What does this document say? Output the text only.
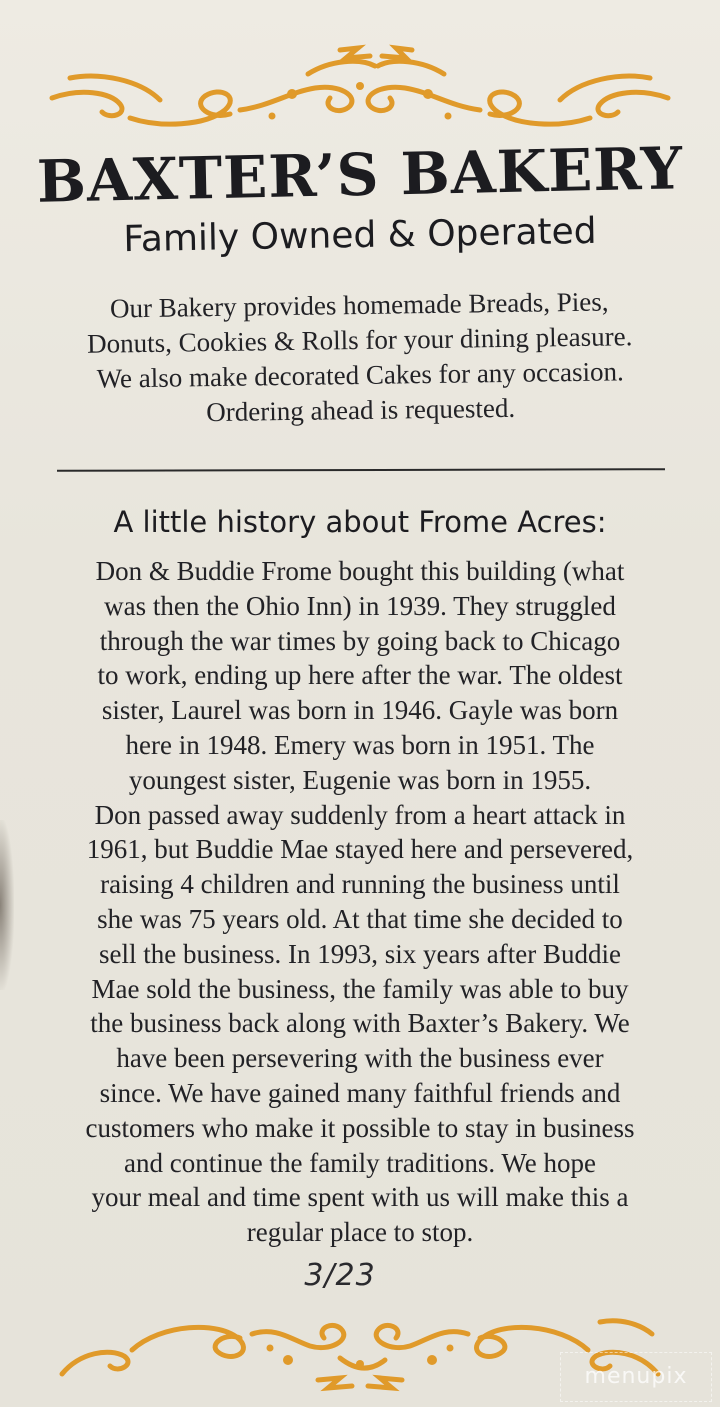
BAXTER’S BAKERY
Family Owned & Operated
Our Bakery provides homemade Breads, Pies,
Donuts, Cookies & Rolls for your dining pleasure.
We also make decorated Cakes for any occasion.
Ordering ahead is requested.
A little history about Frome Acres:
Don & Buddie Frome bought this building (what
was then the Ohio Inn) in 1939. They struggled
through the war times by going back to Chicago
to work, ending up here after the war. The oldest
sister, Laurel was born in 1946. Gayle was born
here in 1948. Emery was born in 1951. The
youngest sister, Eugenie was born in 1955.
Don passed away suddenly from a heart attack in
1961, but Buddie Mae stayed here and persevered,
raising 4 children and running the business until
she was 75 years old. At that time she decided to
sell the business. In 1993, six years after Buddie
Mae sold the business, the family was able to buy
the business back along with Baxter’s Bakery. We
have been persevering with the business ever
since. We have gained many faithful friends and
customers who make it possible to stay in business
and continue the family traditions. We hope
your meal and time spent with us will make this a
regular place to stop.
3/23
menupix
